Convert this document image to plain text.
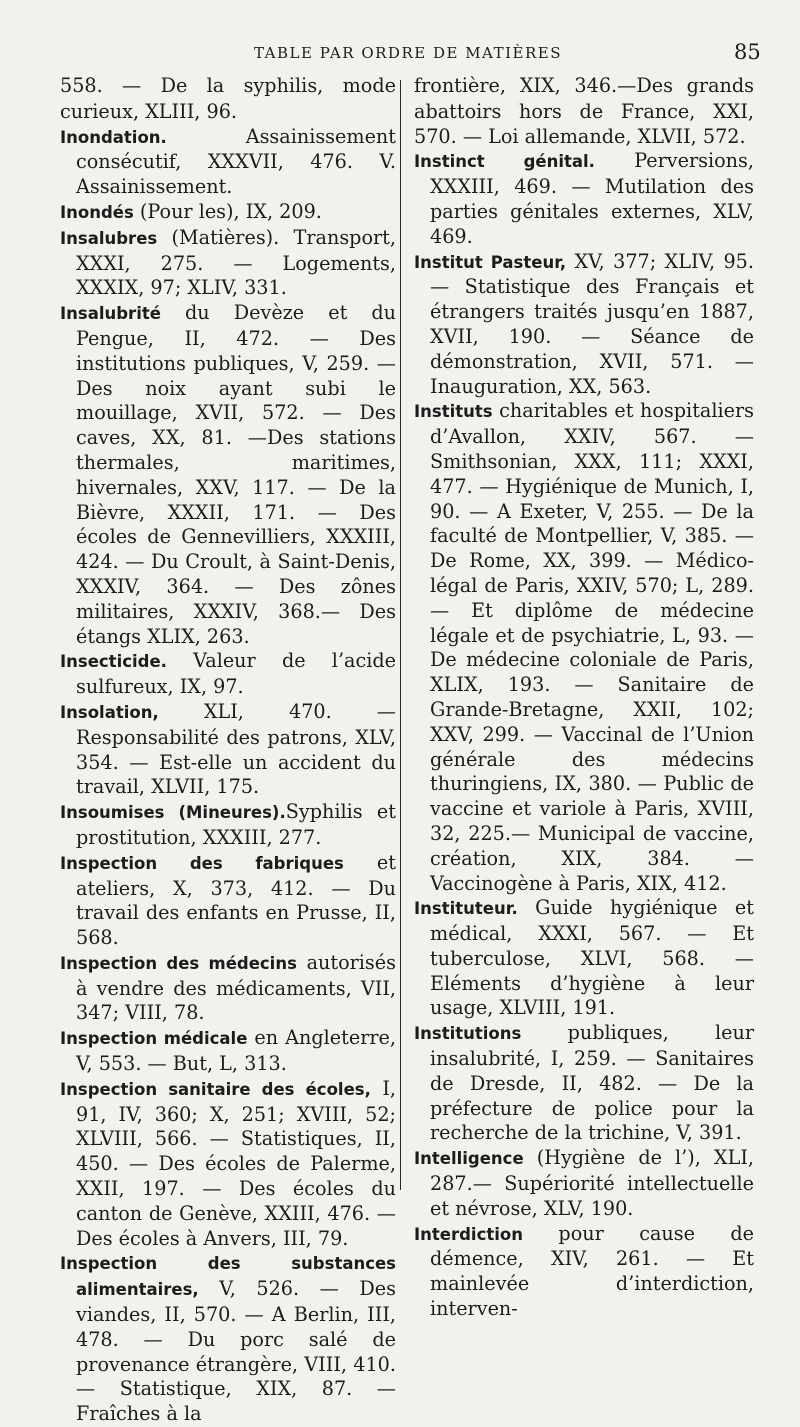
TABLE PAR ORDRE DE MATIÈRES	85

558. — De la syphilis, mode curieux, XLIII, 96.

Inondation. Assainissement consécutif, XXXVII, 476. V. Assainissement.

Inondés (Pour les), IX, 209.

Insalubres (Matières). Transport, XXXI, 275. — Logements, XXXIX, 97; XLIV, 331.

Insalubrité du Devèze et du Pengue, II, 472. — Des institutions publiques, V, 259. — Des noix ayant subi le mouillage, XVII, 572. — Des caves, XX, 81. —Des stations thermales, maritimes, hivernales, XXV, 117. — De la Bièvre, XXXII, 171. — Des écoles de Gennevilliers, XXXIII, 424. — Du Croult, à Saint-Denis, XXXIV, 364. — Des zônes militaires, XXXIV, 368.— Des étangs XLIX, 263.

Insecticide. Valeur de l’acide sulfureux, IX, 97.

Insolation, XLI, 470. — Responsabilité des patrons, XLV, 354. — Est-elle un accident du travail, XLVII, 175.

Insoumises (Mineures).Syphilis et prostitution, XXXIII, 277.

Inspection des fabriques et ateliers, X, 373, 412. — Du travail des enfants en Prusse, II, 568.

Inspection des médecins autorisés à vendre des médicaments, VII, 347; VIII, 78.

Inspection médicale en Angleterre, V, 553. — But, L, 313.

Inspection sanitaire des écoles, I, 91, IV, 360; X, 251; XVIII, 52; XLVIII, 566. — Statistiques, II, 450. — Des écoles de Palerme, XXII, 197. — Des écoles du canton de Genève, XXIII, 476. — Des écoles à Anvers, III, 79.

Inspection des substances alimentaires, V, 526. — Des viandes, II, 570. — A Berlin, III, 478. — Du porc salé de provenance étrangère, VIII, 410. — Statistique, XIX, 87. — Fraîches à la

frontière, XIX, 346.—Des grands abattoirs hors de France, XXI, 570. — Loi allemande, XLVII, 572.

Instinct génital. Perversions, XXXIII, 469. — Mutilation des parties génitales externes, XLV, 469.

Institut Pasteur, XV, 377; XLIV, 95. — Statistique des Français et étrangers traités jusqu’en 1887, XVII, 190. — Séance de démonstration, XVII, 571. — Inauguration, XX, 563.

Instituts charitables et hospitaliers d’Avallon, XXIV, 567. — Smithsonian, XXX, 111; XXXI, 477. — Hygiénique de Munich, I, 90. — A Exeter, V, 255. — De la faculté de Montpellier, V, 385. — De Rome, XX, 399. — Médico-légal de Paris, XXIV, 570; L, 289. — Et diplôme de médecine légale et de psychiatrie, L, 93. — De médecine coloniale de Paris, XLIX, 193. — Sanitaire de Grande-Bretagne, XXII, 102; XXV, 299. — Vaccinal de l’Union générale des médecins thuringiens, IX, 380. — Public de vaccine et variole à Paris, XVIII, 32, 225.— Municipal de vaccine, création, XIX, 384. — Vaccinogène à Paris, XIX, 412.

Instituteur. Guide hygiénique et médical, XXXI, 567. — Et tuberculose, XLVI, 568. — Eléments d’hygiène à leur usage, XLVIII, 191.

Institutions publiques, leur insalubrité, I, 259. — Sanitaires de Dresde, II, 482. — De la préfecture de police pour la recherche de la trichine, V, 391.

Intelligence (Hygiène de l’), XLI, 287.— Supériorité intellectuelle et névrose, XLV, 190.

Interdiction pour cause de démence, XIV, 261. — Et mainlevée d’interdiction, interven-
